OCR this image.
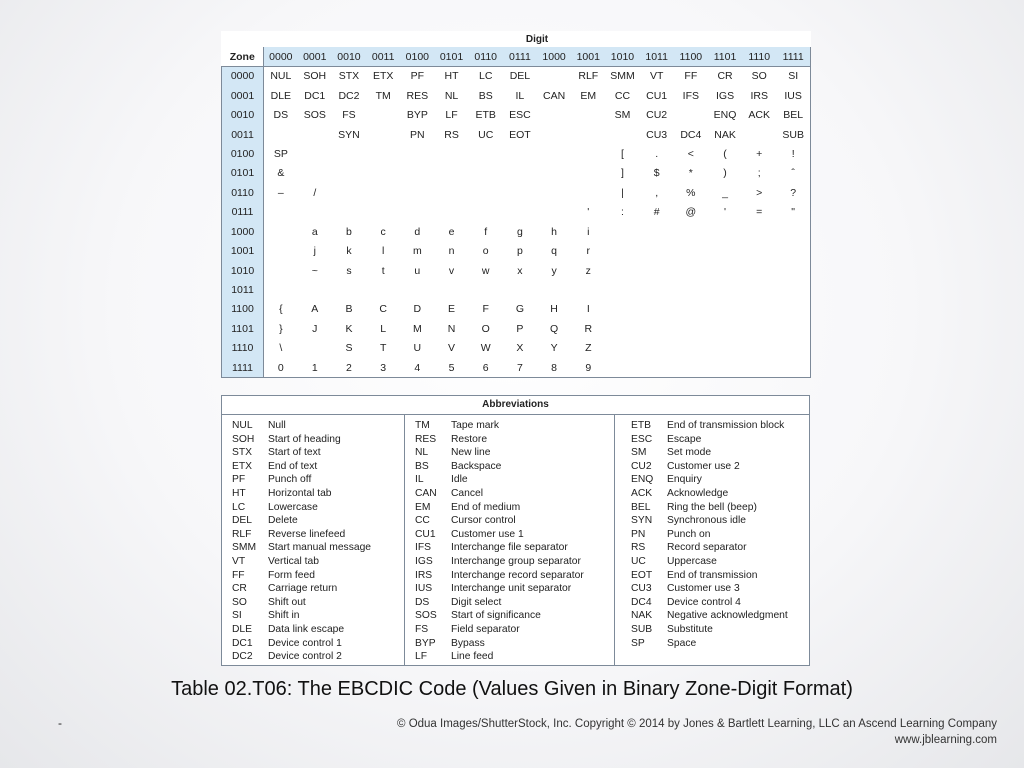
	Digit															
Zone	0000	0001	0010	0011	0100	0101	0110	0111	1000	1001	1010	1011	1100	1101	1110	1111
0000	NUL	SOH	STX	ETX	PF	HT	LC	DEL		RLF	SMM	VT	FF	CR	SO	SI
0001	DLE	DC1	DC2	TM	RES	NL	BS	IL	CAN	EM	CC	CU1	IFS	IGS	IRS	IUS
0010	DS	SOS	FS		BYP	LF	ETB	ESC			SM	CU2		ENQ	ACK	BEL
0011			SYN		PN	RS	UC	EOT				CU3	DC4	NAK		SUB
0100	SP										[	.	<	(	+	!
0101	&										]	$	*	)	;	ˆ
0110	–	/									|	,	%	_	>	?
0111										'	:	#	@	'	=	"
1000		a	b	c	d	e	f	g	h	i						
1001		j	k	l	m	n	o	p	q	r						
1010		~	s	t	u	v	w	x	y	z						
1011																
1100	{	A	B	C	D	E	F	G	H	I						
1101	}	J	K	L	M	N	O	P	Q	R						
1110	\		S	T	U	V	W	X	Y	Z						
1111	0	1	2	3	4	5	6	7	8	9						
Abbreviations
NUL	Null
SOH	Start of heading
STX	Start of text
ETX	End of text
PF	Punch off
HT	Horizontal tab
LC	Lowercase
DEL	Delete
RLF	Reverse linefeed
SMM	Start manual message
VT	Vertical tab
FF	Form feed
CR	Carriage return
SO	Shift out
SI	Shift in
DLE	Data link escape
DC1	Device control 1
DC2	Device control 2
TM	Tape mark
RES	Restore
NL	New line
BS	Backspace
IL	Idle
CAN	Cancel
EM	End of medium
CC	Cursor control
CU1	Customer use 1
IFS	Interchange file separator
IGS	Interchange group separator
IRS	Interchange record separator
IUS	Interchange unit separator
DS	Digit select
SOS	Start of significance
FS	Field separator
BYP	Bypass
LF	Line feed
ETB	End of transmission block
ESC	Escape
SM	Set mode
CU2	Customer use 2
ENQ	Enquiry
ACK	Acknowledge
BEL	Ring the bell (beep)
SYN	Synchronous idle
PN	Punch on
RS	Record separator
UC	Uppercase
EOT	End of transmission
CU3	Customer use 3
DC4	Device control 4
NAK	Negative acknowledgment
SUB	Substitute
SP	Space
Table 02.T06: The EBCDIC Code (Values Given in Binary Zone-Digit Format)
-	© Odua Images/ShutterStock, Inc. Copyright © 2014 by Jones & Bartlett Learning, LLC an Ascend Learning Company
www.jblearning.com
